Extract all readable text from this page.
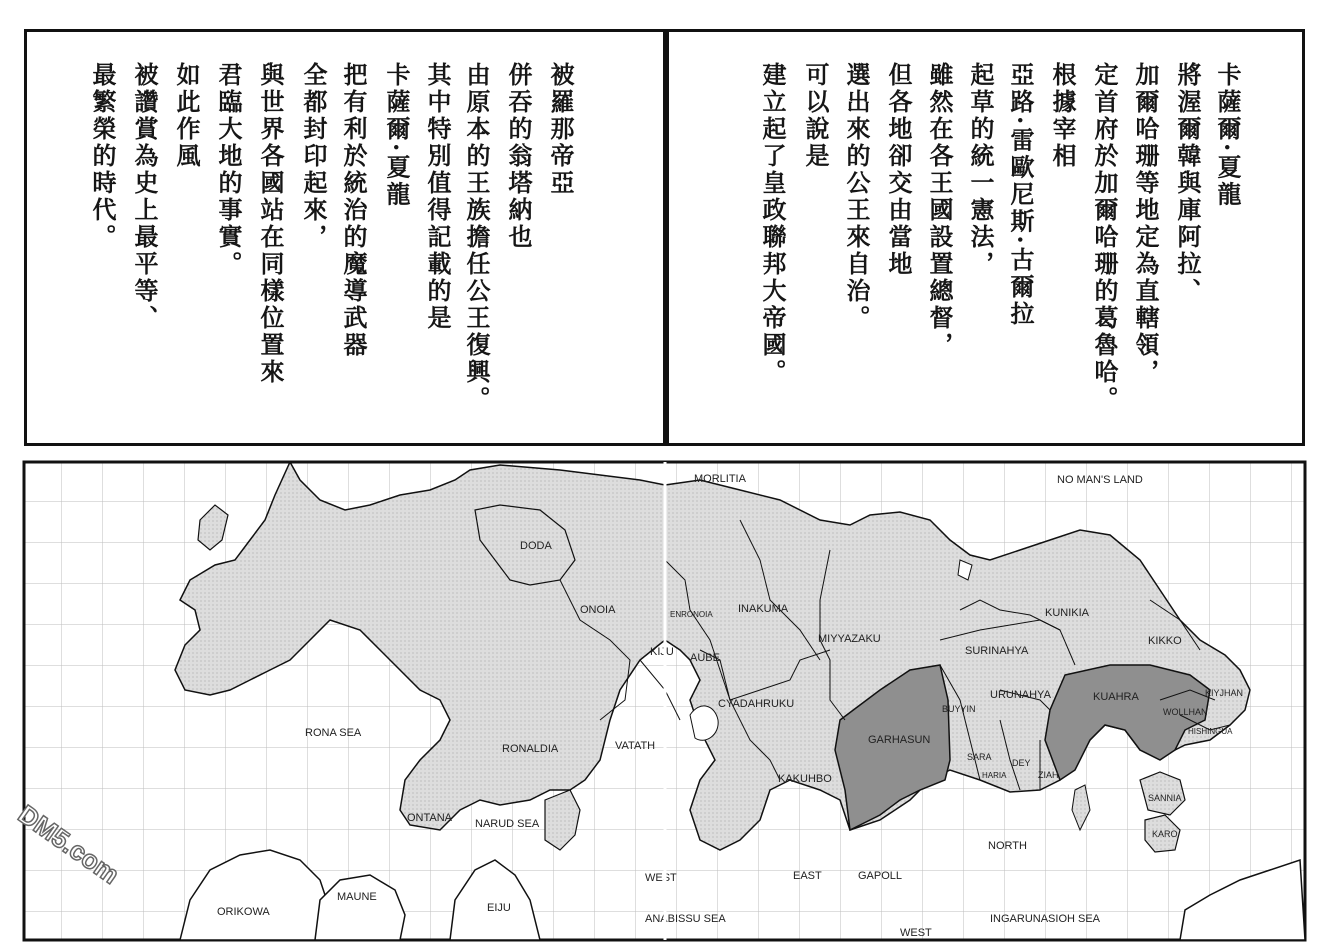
卡薩爾·夏龍
將渥爾韓與庫阿拉、
加爾哈珊等地定為直轄領，
定首府於加爾哈珊的葛魯哈。
根據宰相
亞路·雷歐尼斯·古爾拉
起草的統一憲法，
雖然在各王國設置總督，
但各地卻交由當地
選出來的公王來自治。
可以說是
建立起了皇政聯邦大帝國。
被羅那帝亞
併吞的翁塔納也
由原本的王族擔任公王復興。
其中特別值得記載的是
卡薩爾·夏龍
把有利於統治的魔導武器
全都封印起來，
與世界各國站在同樣位置來
君臨大地的事實。
如此作風
被讚賞為史上最平等、
最繁榮的時代。
MORLITIA	NO MAN'S LAND
DODA
ONOIA	ENRONOIA INAKUMA	KUNIKIA
KIJU AUBE
MIYYAZAKU
SURINAHYA
KIKKO
KIYJHAN
KUAHRA
URUNAHYA
CYADAHRUKU	BUYYIN	WOLLHAN
HISHINGUA
RONA SEA
GARHASUN
RONALDIA	VATATH
SARA
DEY
HARIA	ZIAH
KAKUHBO
SANNIA
ONTANA NARUD SEA
KARO
NORTH
EAST	GAPOLL
WEST
ORIKOWA
MAUNE
EIJU
ANABISSU SEA	INGARUNASIOH SEA
WEST
DM5.com
